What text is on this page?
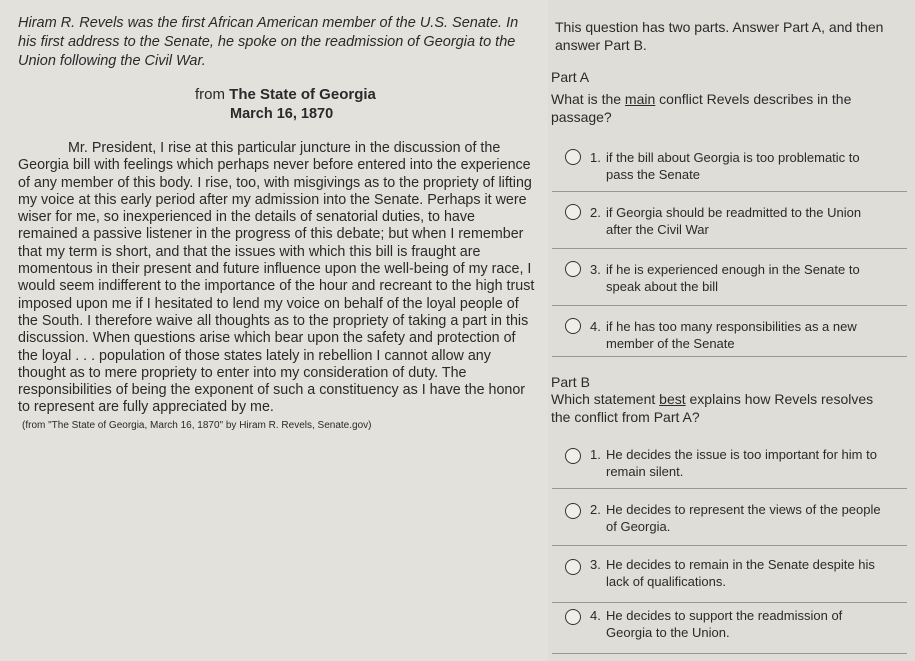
Hiram R. Revels was the first African American member of the U.S. Senate. In his first address to the Senate, he spoke on the readmission of Georgia to the Union following the Civil War.
from The State of Georgia
March 16, 1870
Mr. President, I rise at this particular juncture in the discussion of the Georgia bill with feelings which perhaps never before entered into the experience of any member of this body. I rise, too, with misgivings as to the propriety of lifting my voice at this early period after my admission into the Senate. Perhaps it were wiser for me, so inexperienced in the details of senatorial duties, to have remained a passive listener in the progress of this debate; but when I remember that my term is short, and that the issues with which this bill is fraught are momentous in their present and future influence upon the well-being of my race, I would seem indifferent to the importance of the hour and recreant to the high trust imposed upon me if I hesitated to lend my voice on behalf of the loyal people of the South. I therefore waive all thoughts as to the propriety of taking a part in this discussion. When questions arise which bear upon the safety and protection of the loyal . . . population of those states lately in rebellion I cannot allow any thought as to mere propriety to enter into my consideration of duty. The responsibilities of being the exponent of such a constituency as I have the honor to represent are fully appreciated by me.
(from "The State of Georgia, March 16, 1870" by Hiram R. Revels, Senate.gov)
This question has two parts. Answer Part A, and then answer Part B.
Part A
What is the main conflict Revels describes in the passage?
1. if the bill about Georgia is too problematic to
pass the Senate
2. if Georgia should be readmitted to the Union
after the Civil War
3. if he is experienced enough in the Senate to
speak about the bill
4. if he has too many responsibilities as a new
member of the Senate
Part B
Which statement best explains how Revels resolves the conflict from Part A?
1. He decides the issue is too important for him to
remain silent.
2. He decides to represent the views of the people
of Georgia.
3. He decides to remain in the Senate despite his
lack of qualifications.
4. He decides to support the readmission of
Georgia to the Union.
